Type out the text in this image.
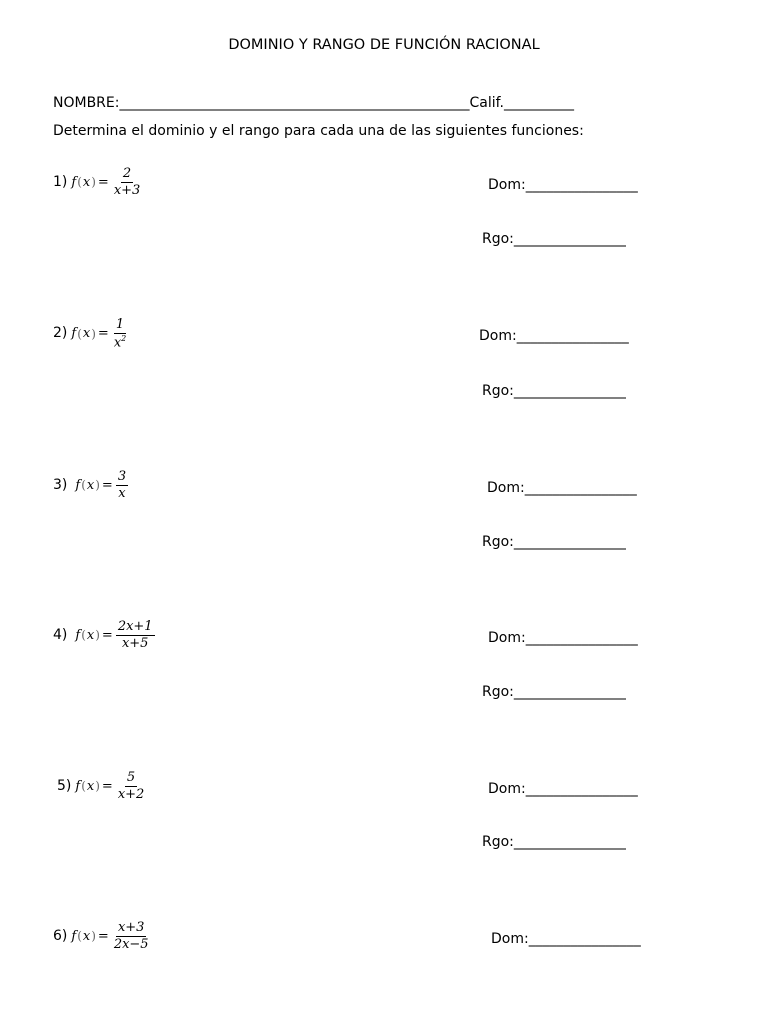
DOMINIO Y RANGO DE FUNCIÓN RACIONAL
NOMBRE:__________________________________________________Calif.__________
Determina el dominio y el rango para cada una de las siguientes funciones:
1) f ( x ) = $\frac{2}{x+3}$	Dom:________________
Rgo:________________
2) f ( x ) = $\frac{1}{x^2}$	Dom:________________
Rgo:________________
3) f ( x ) = $\frac{3}{x}$	Dom:________________
Rgo:________________
4) f ( x ) = $\frac{2x+1}{x+5}$	Dom:________________
Rgo:________________
5) f ( x ) = $\frac{5}{x+2}$	Dom:________________
Rgo:________________
6) f ( x ) = $\frac{x+3}{2x-5}$	Dom:________________
